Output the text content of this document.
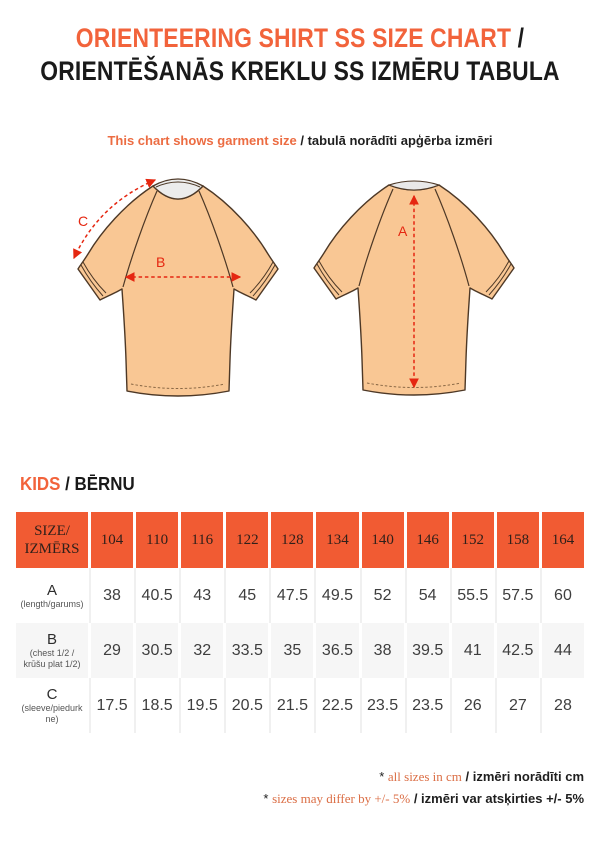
ORIENTEERING SHIRT SS SIZE CHART /
ORIENTĒŠANĀS KREKLU SS IZMĒRU TABULA
This chart shows garment size / tabulā norādīti apģērba izmēri
C
B
A
KIDS / BĒRNU
SIZE/
IZMĒRS
104	110	116	122	128	134	140	146	152	158	164
A
(length/garums)	38	40.5	43	45	47.5 49.5	52	54	55.5 57.5	60
B
(chest 1/2 / krūšu plat 1/2)
29	30.5	32	33.5	35	36.5	38	39.5	41	42.5	44
C
(sleeve/piedurkne)
17.5 18.5 19.5 20.5 21.5 22.5 23.5 23.5	26	27	28
* all sizes in cm / izmēri norādīti cm
* sizes may differ by +/- 5% / izmēri var atsķirties +/- 5%
